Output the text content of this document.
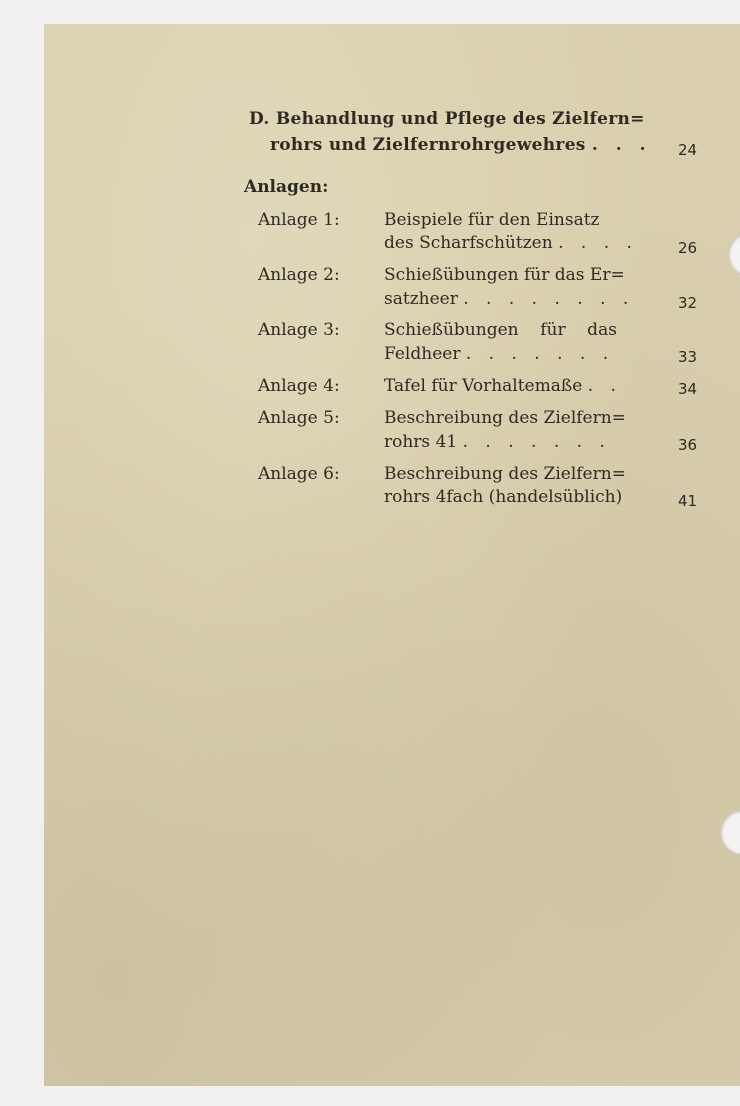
D. Behandlung und Pflege des Zielfern=
rohrs und Zielfernrohrgewehres . . . 24
Anlagen:
Anlage 1:	Beispiele für den Einsatz
des Scharfschützen . . . .	26
Anlage 2:	Schießübungen für das Er=
satzheer . . . . . . . .	32
Anlage 3:	Schießübungen    für    das
Feldheer . . . . . . .	33
Anlage 4:	Tafel für Vorhaltemaße . .	34
Anlage 5:	Beschreibung des Zielfern=
rohrs 41 . . . . . . .	36
Anlage 6:	Beschreibung des Zielfern=
rohrs 4fach (handelsüblich)	41
